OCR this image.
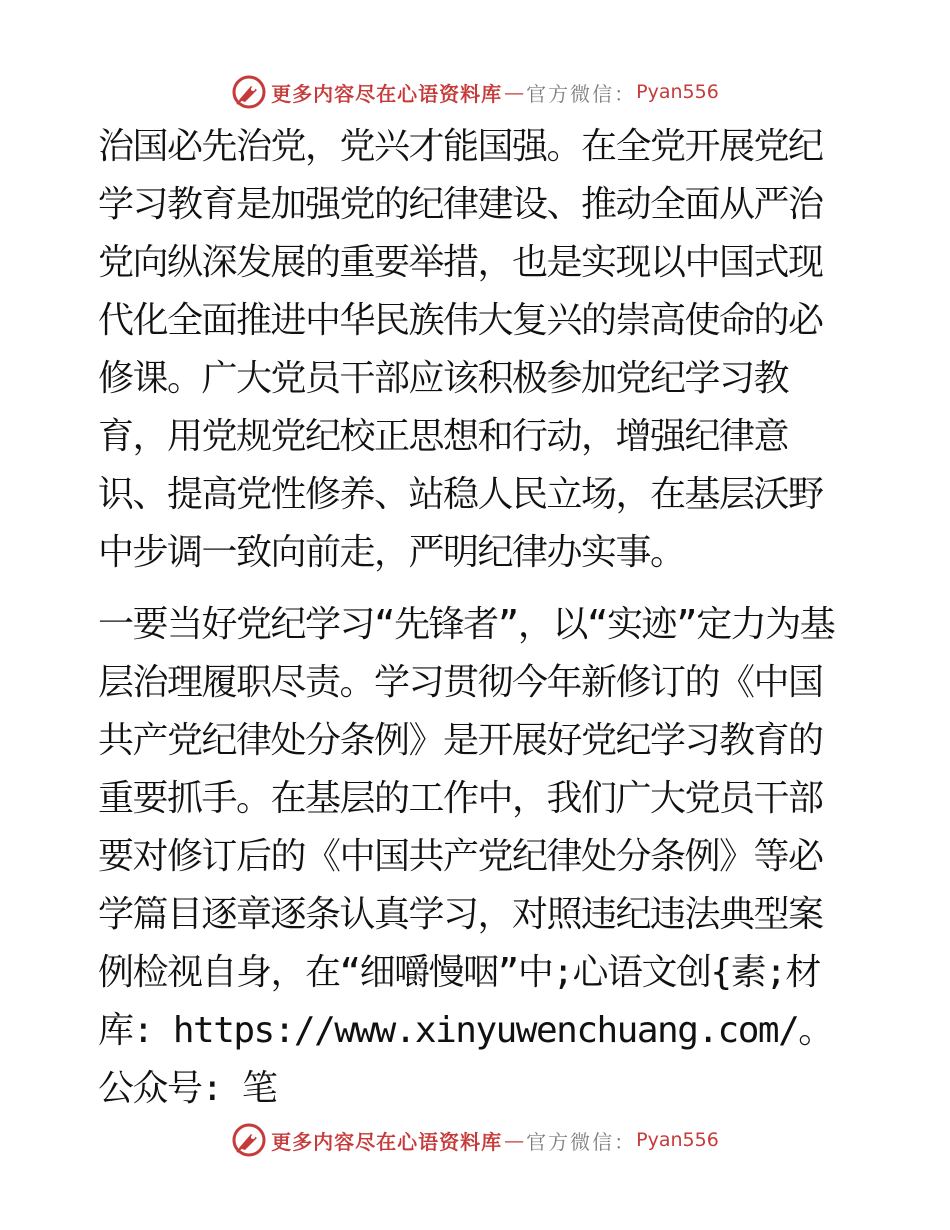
更多内容尽在心语资料库 — 官方微信： Pyan556

治国必先治党，党兴才能国强。在全党开展党纪学习教育是加强党的纪律建设、推动全面从严治党向纵深发展的重要举措，也是实现以中国式现代化全面推进中华民族伟大复兴的崇高使命的必修课。广大党员干部应该积极参加党纪学习教育，用党规党纪校正思想和行动，增强纪律意识、提高党性修养、站稳人民立场，在基层沃野中步调一致向前走，严明纪律办实事。

一要当好党纪学习“先锋者”，以“实迹”定力为基层治理履职尽责。学习贯彻今年新修订的《中国共产党纪律处分条例》是开展好党纪学习教育的重要抓手。在基层的工作中，我们广大党员干部要对修订后的《中国共产党纪律处分条例》等必学篇目逐章逐条认真学习，对照违纪违法典型案例检视自身，在“细嚼慢咽”中;心语文创{素;材库: https://www.xinyuwenchuang.com/。公众号: 笔

更多内容尽在心语资料库 — 官方微信： Pyan556
